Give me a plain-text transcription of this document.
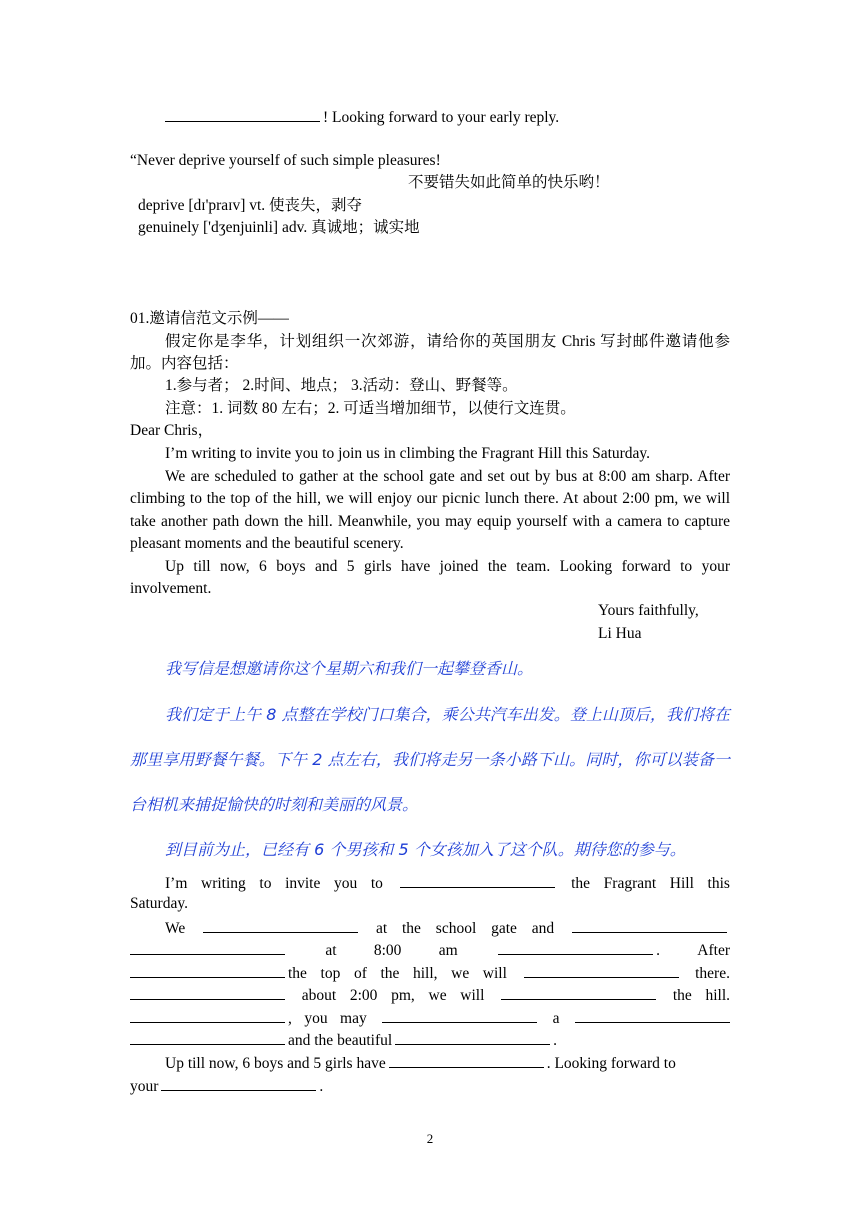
! Looking forward to your early reply.
“Never deprive yourself of such simple pleasures!
不要错失如此简单的快乐哟！
deprive [dɪ'praɪv] vt. 使丧失，剥夺
genuinely ['dʒenjuinli] adv. 真诚地；诚实地
01.邀请信范文示例——
假定你是李华，计划组织一次郊游，请给你的英国朋友 Chris 写封邮件邀请他参加。内容包括：
1.参与者； 2.时间、地点； 3.活动：登山、野餐等。
注意：1. 词数 80 左右；2. 可适当增加细节，以使行文连贯。
Dear Chris，
I’m writing to invite you to join us in climbing the Fragrant Hill this Saturday.
We are scheduled to gather at the school gate and set out by bus at 8:00 am sharp. After climbing to the top of the hill, we will enjoy our picnic lunch there. At about 2:00 pm, we will take another path down the hill. Meanwhile, you may equip yourself with a camera to capture pleasant moments and the beautiful scenery.
Up till now, 6 boys and 5 girls have joined the team. Looking forward to your involvement.
Yours faithfully,
Li Hua
我写信是想邀请你这个星期六和我们一起攀登香山。
我们定于上午 8 点整在学校门口集合，乘公共汽车出发。登上山顶后，我们将在那里享用野餐午餐。下午 2 点左右，我们将走另一条小路下山。同时，你可以装备一台相机来捕捉愉快的时刻和美丽的风景。
到目前为止，已经有 6 个男孩和 5 个女孩加入了这个队。期待您的参与。
I’m writing to invite you to	the Fragrant Hill this
Saturday.
We	at the school gate and
at 8:00 am	. After
the top of the hill, we will	there.
about 2:00 pm, we will	the hill.
, you may	a
and the beautiful	.
Up till now, 6 boys and 5 girls have	. Looking forward to
your	.
2
